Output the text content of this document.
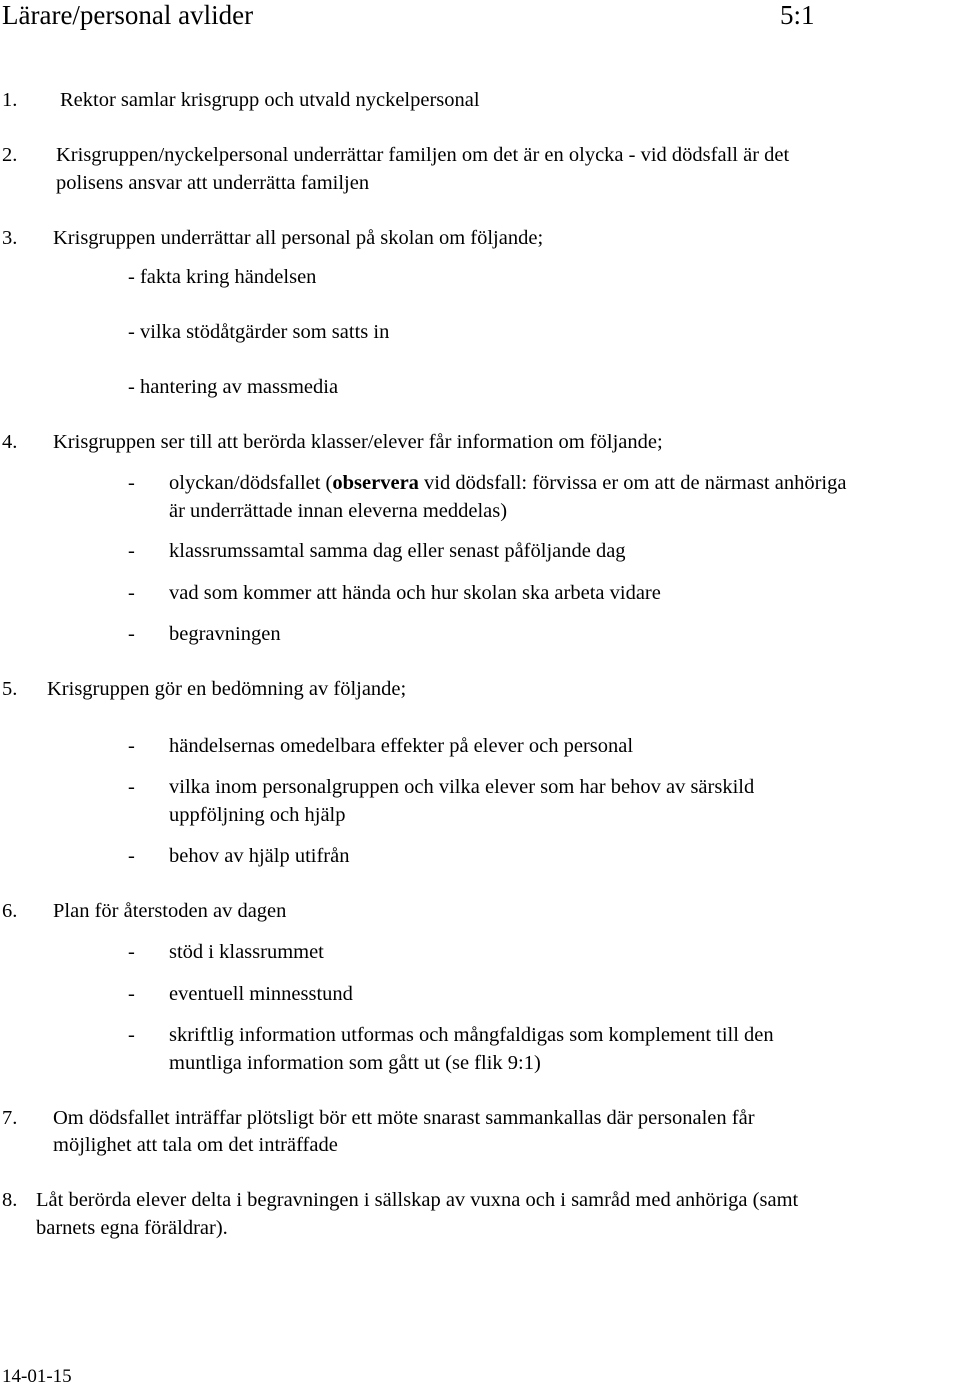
Lärare/personal avlider	5:1
1. Rektor samlar krisgrupp och utvald nyckelpersonal
2. Krisgruppen/nyckelpersonal underrättar familjen om det är en olycka - vid dödsfall är det
polisens ansvar att underrätta familjen
3. Krisgruppen underrättar all personal på skolan om följande;
- fakta kring händelsen
- vilka stödåtgärder som satts in
- hantering av massmedia
4. Krisgruppen ser till att berörda klasser/elever får information om följande;
- olyckan/dödsfallet (observera vid dödsfall: förvissa er om att de närmast anhöriga
är underrättade innan eleverna meddelas)
- klassrumssamtal samma dag eller senast påföljande dag
- vad som kommer att hända och hur skolan ska arbeta vidare
- begravningen
5. Krisgruppen gör en bedömning av följande;
- händelsernas omedelbara effekter på elever och personal
- vilka inom personalgruppen och vilka elever som har behov av särskild
uppföljning och hjälp
- behov av hjälp utifrån
6. Plan för återstoden av dagen
- stöd i klassrummet
- eventuell minnesstund
- skriftlig information utformas och mångfaldigas som komplement till den
muntliga information som gått ut (se flik 9:1)
7. Om dödsfallet inträffar plötsligt bör ett möte snarast sammankallas där personalen får
möjlighet att tala om det inträffade
8. Låt berörda elever delta i begravningen i sällskap av vuxna och i samråd med anhöriga (samt
barnets egna föräldrar).
14-01-15
